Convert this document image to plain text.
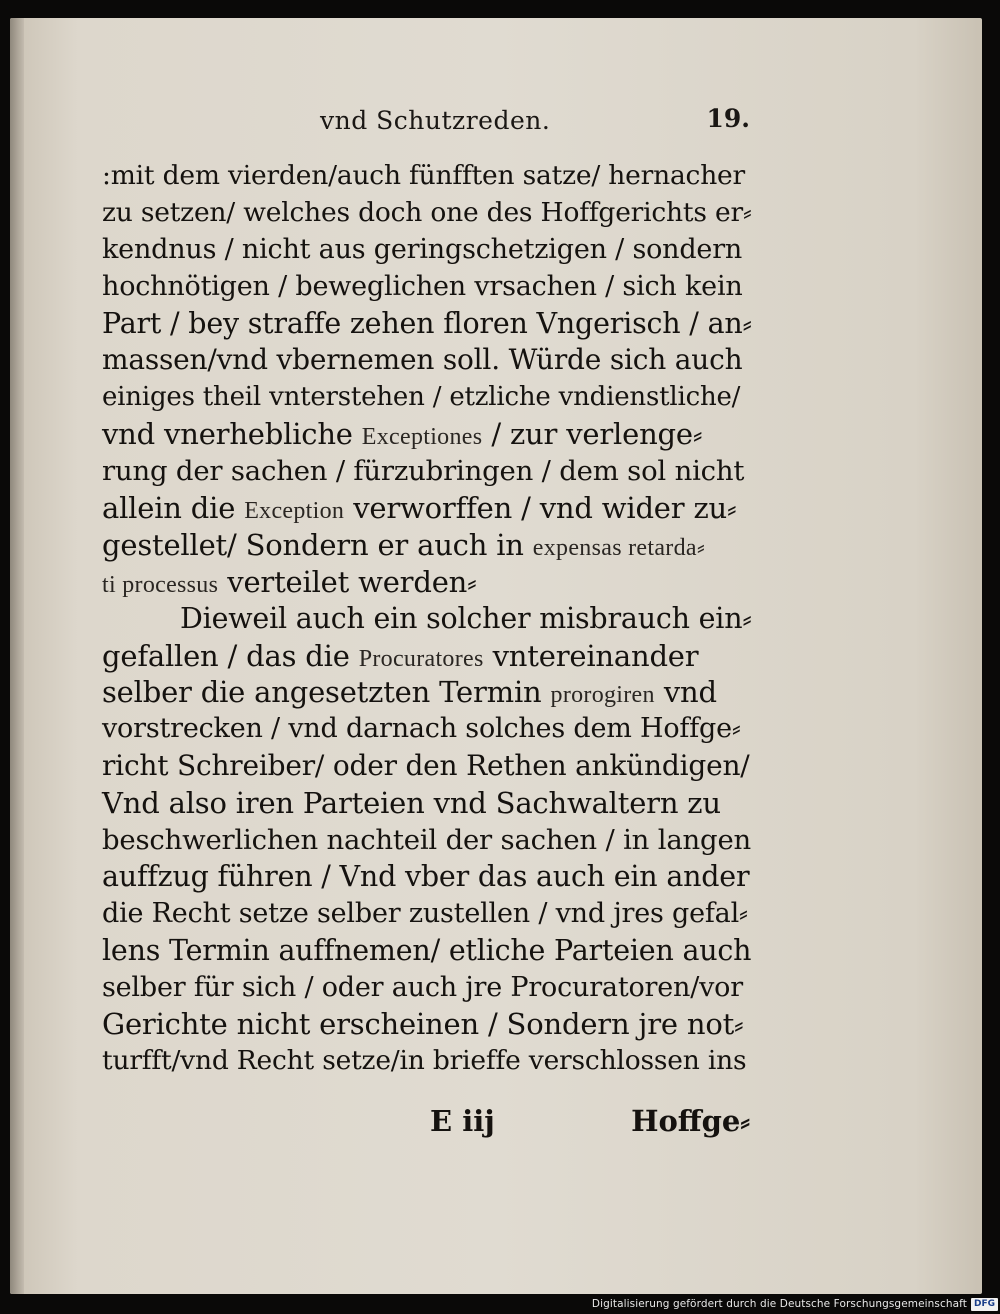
vnd Schutzreden.	19.
:mit dem vierden/auch fünfften satze/ hernacher
zu setzen/ welches doch one des Hoffgerichts er⸗
kendnus / nicht aus geringschetzigen / sondern
hochnötigen / beweglichen vrsachen / sich kein
Part / bey straffe zehen floren Vngerisch / an⸗
massen/vnd vbernemen soll. Würde sich auch
einiges theil vnterstehen / etzliche vndienstliche/
vnd vnerhebliche Exceptiones / zur verlenge⸗
rung der sachen / fürzubringen / dem sol nicht
allein die Exception verworffen / vnd wider zu⸗
gestellet/ Sondern er auch in expensas retarda⸗
ti processus verteilet werden⸗
Dieweil auch ein solcher misbrauch ein⸗
gefallen / das die Procuratores vntereinander
selber die angesetzten Termin prorogiren vnd
vorstrecken / vnd darnach solches dem Hoffge⸗
richt Schreiber/ oder den Rethen ankündigen/
Vnd also iren Parteien vnd Sachwaltern zu
beschwerlichen nachteil der sachen / in langen
auffzug führen / Vnd vber das auch ein ander
die Recht setze selber zustellen / vnd jres gefal⸗
lens Termin auffnemen/ etliche Parteien auch
selber für sich / oder auch jre Procuratoren/vor
Gerichte nicht erscheinen / Sondern jre not⸗
turfft/vnd Recht setze/in brieffe verschlossen ins
E iij	Hoffge⸗
Digitalisierung gefördert durch die Deutsche Forschungsgemeinschaft DFG
